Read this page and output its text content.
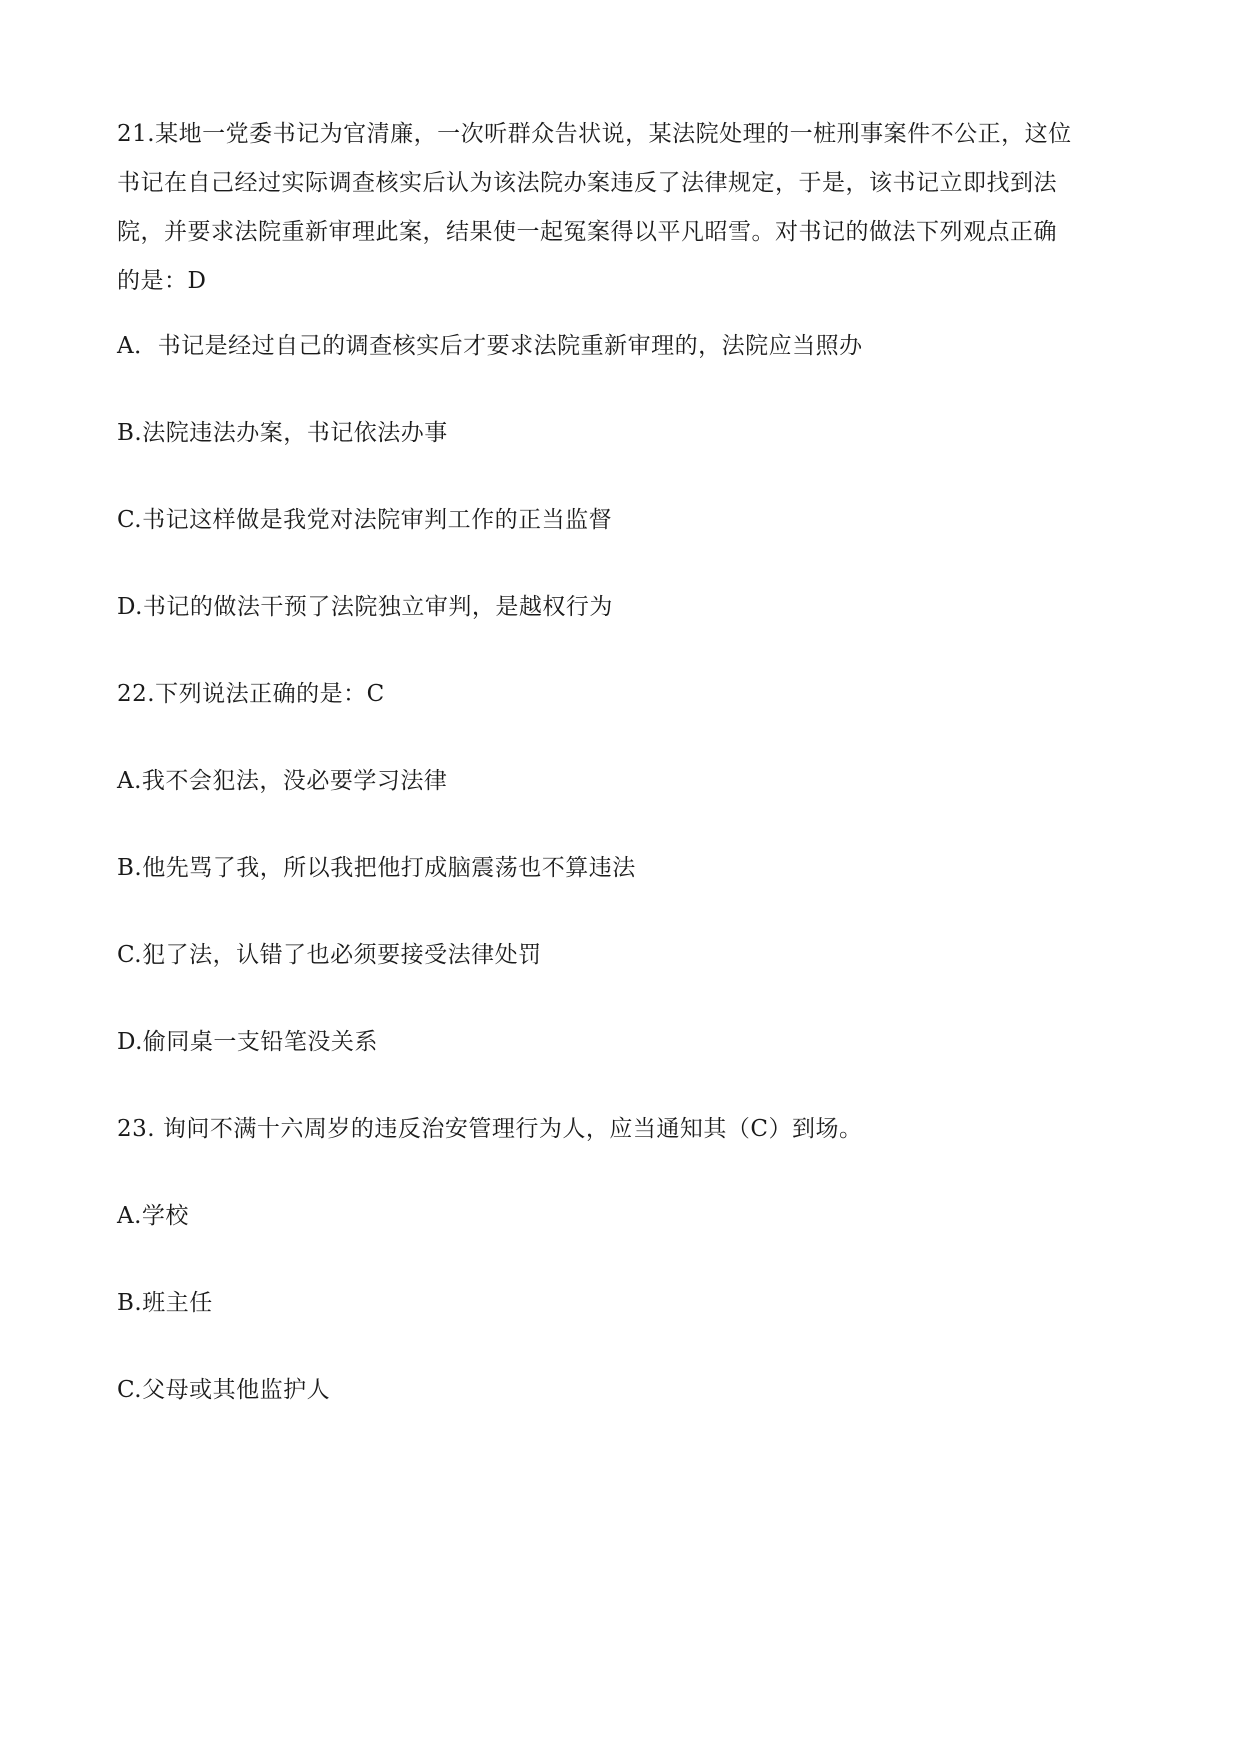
21.某地一党委书记为官清廉，一次听群众告状说，某法院处理的一桩刑事案件不公正，这位
书记在自己经过实际调查核实后认为该法院办案违反了法律规定，于是，该书记立即找到法
院，并要求法院重新审理此案，结果使一起冤案得以平凡昭雪。对书记的做法下列观点正确
的是：D
A．书记是经过自己的调查核实后才要求法院重新审理的，法院应当照办
B.法院违法办案，书记依法办事
C.书记这样做是我党对法院审判工作的正当监督
D.书记的做法干预了法院独立审判，是越权行为
22.下列说法正确的是：C
A.我不会犯法，没必要学习法律
B.他先骂了我，所以我把他打成脑震荡也不算违法
C.犯了法，认错了也必须要接受法律处罚
D.偷同桌一支铅笔没关系
23. 询问不满十六周岁的违反治安管理行为人，应当通知其（C）到场。
A.学校
B.班主任
C.父母或其他监护人
